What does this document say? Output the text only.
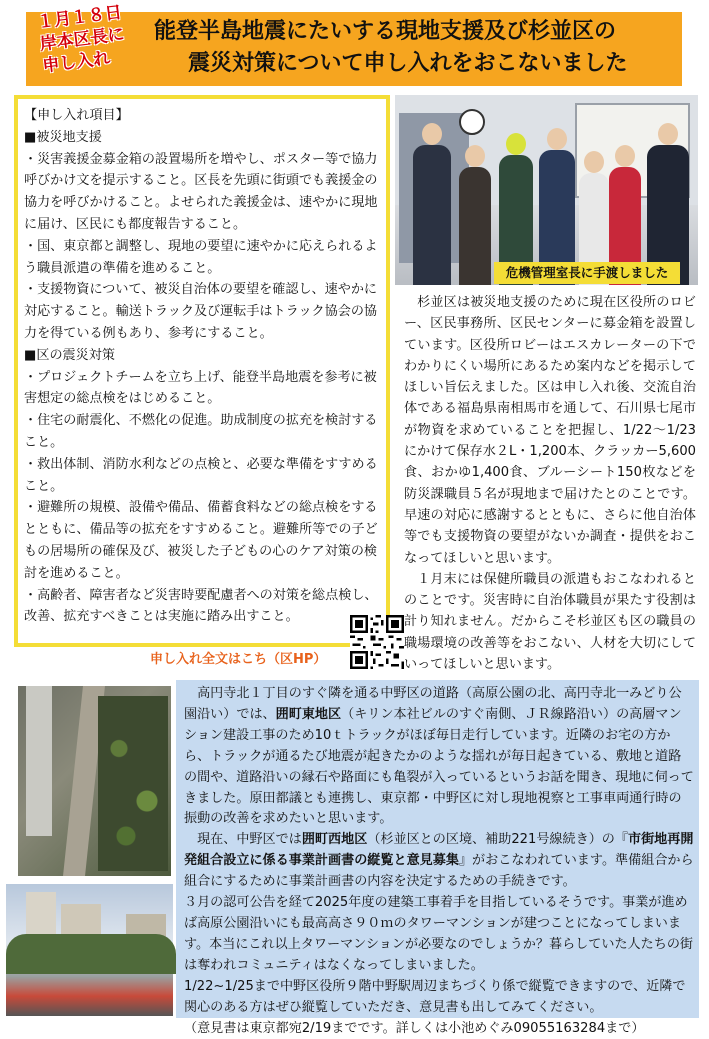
１月１８日
岸本区長に
申し入れ
能登半島地震にたいする現地支援及び杉並区の
震災対策について申し入れをおこないました

【申し入れ項目】

■被災地支援

・災害義援金募金箱の設置場所を増やし、ポスター等で協力呼びかけ文を提示すること。区長を先頭に街頭でも義援金の協力を呼びかけること。よせられた義援金は、速やかに現地に届け、区民にも都度報告すること。

・国、東京都と調整し、現地の要望に速やかに応えられるよう職員派遣の準備を進めること。

・支援物資について、被災自治体の要望を確認し、速やかに対応すること。輸送トラック及び運転手はトラック協会の協力を得ている例もあり、参考にすること。

■区の震災対策

・プロジェクトチームを立ち上げ、能登半島地震を参考に被害想定の総点検をはじめること。

・住宅の耐震化、不燃化の促進。助成制度の拡充を検討すること。

・救出体制、消防水利などの点検と、必要な準備をすすめること。

・避難所の規模、設備や備品、備蓄食料などの総点検をするとともに、備品等の拡充をすすめること。避難所等での子どもの居場所の確保及び、被災した子どもの心のケア対策の検討を進めること。

・高齢者、障害者など災害時要配慮者への対策を総点検し、改善、拡充すべきことは実施に踏み出すこと。

危機管理室長に手渡しました

杉並区は被災地支援のために現在区役所のロビー、区民事務所、区民センターに募金箱を設置しています。区役所ロビーはエスカレーターの下でわかりにくい場所にあるため案内などを掲示してほしい旨伝えました。区は申し入れ後、交流自治体である福島県南相馬市を通して、石川県七尾市が物資を求めていることを把握し、1/22～1/23にかけて保存水２L・1,200本、クラッカー5,600食、おかゆ1,400食、ブルーシート150枚などを防災課職員５名が現地まで届けたとのことです。早速の対応に感謝するとともに、さらに他自治体等でも支援物資の要望がないか調査・提供をおこなってほしいと思います。

１月末には保健所職員の派遣もおこなわれるとのことです。災害時に自治体職員が果たす役割は計り知れません。だからこそ杉並区も区の職員の職場環境の改善等をおこない、人材を大切にしていってほしいと思います。

申し入れ全文はこち（区HP）

高円寺北１丁目のすぐ隣を通る中野区の道路（高原公園の北、高円寺北一みどり公園沿い）では、囲町東地区（キリン本社ビルのすぐ南側、ＪＲ線路沿い）の高層マンション建設工事のため10ｔトラックがほぼ毎日走行しています。近隣のお宅の方から、トラックが通るたび地震が起きたかのような揺れが毎日起きている、敷地と道路の間や、道路沿いの縁石や路面にも亀裂が入っているというお話を聞き、現地に伺ってきました。原田都議とも連携し、東京都・中野区に対し現地視察と工事車両通行時の振動の改善を求めたいと思います。

現在、中野区では囲町西地区（杉並区との区境、補助221号線続き）の『市街地再開発組合設立に係る事業計画書の縦覧と意見募集』がおこなわれています。準備組合から組合にするために事業計画書の内容を決定するための手続きです。

３月の認可公告を経て2025年度の建築工事着手を目指しているそうです。事業が進めば高原公園沿いにも最高高さ９０ｍのタワーマンションが建つことになってしまいます。本当にこれ以上タワーマンションが必要なのでしょうか？暮らしていた人たちの街は奪われコミュニティはなくなってしまいました。

1/22~1/25まで中野区役所９階中野駅周辺まちづくり係で縦覧できますので、近隣で関心のある方はぜひ縦覧していただき、意見書も出してみてください。

（意見書は東京都宛2/19までです。詳しくは小池めぐみ09055163284まで）
